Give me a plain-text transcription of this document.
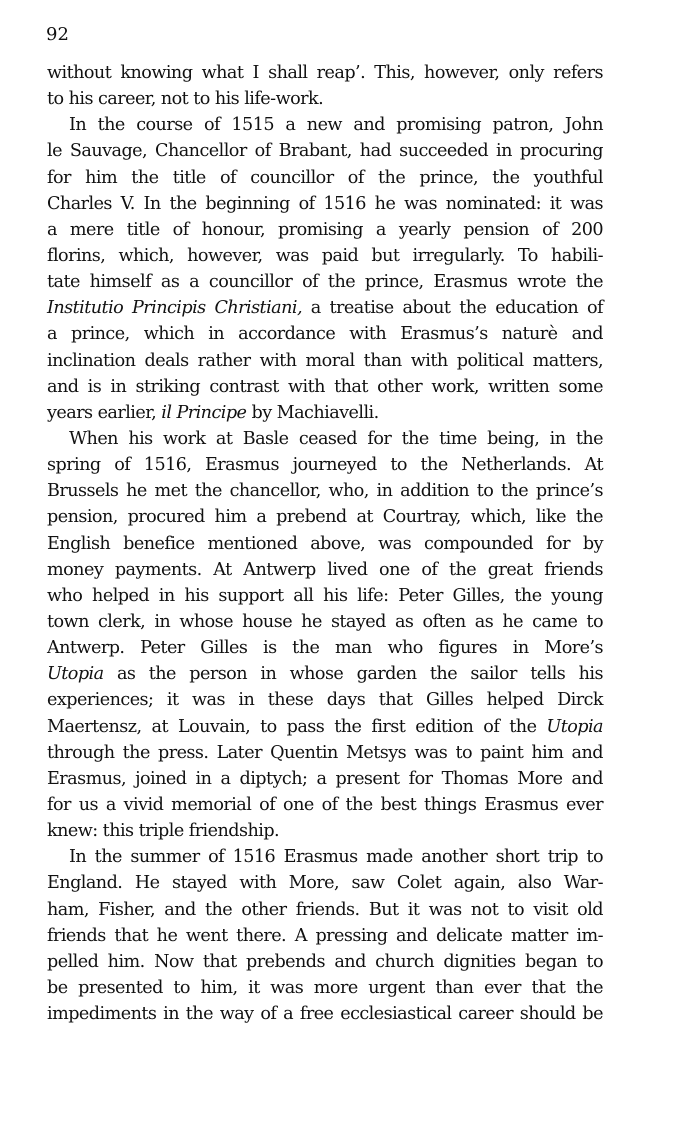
92
without knowing what I shall reap’. This, however, only refers
to his career, not to his life-work.
In the course of 1515 a new and promising patron, John
le Sauvage, Chancellor of Brabant, had succeeded in procuring
for him the title of councillor of the prince, the youthful
Charles V. In the beginning of 1516 he was nominated: it was
a mere title of honour, promising a yearly pension of 200
florins, which, however, was paid but irregularly. To habili-
tate himself as a councillor of the prince, Erasmus wrote the
Institutio Principis Christiani, a treatise about the education of
a prince, which in accordance with Erasmus’s naturè and
inclination deals rather with moral than with political matters,
and is in striking contrast with that other work, written some
years earlier, il Principe by Machiavelli.
When his work at Basle ceased for the time being, in the
spring of 1516, Erasmus journeyed to the Netherlands. At
Brussels he met the chancellor, who, in addition to the prince’s
pension, procured him a prebend at Courtray, which, like the
English benefice mentioned above, was compounded for by
money payments. At Antwerp lived one of the great friends
who helped in his support all his life: Peter Gilles, the young
town clerk, in whose house he stayed as often as he came to
Antwerp. Peter Gilles is the man who figures in More’s
Utopia as the person in whose garden the sailor tells his
experiences; it was in these days that Gilles helped Dirck
Maertensz, at Louvain, to pass the first edition of the Utopia
through the press. Later Quentin Metsys was to paint him and
Erasmus, joined in a diptych; a present for Thomas More and
for us a vivid memorial of one of the best things Erasmus ever
knew: this triple friendship.
In the summer of 1516 Erasmus made another short trip to
England. He stayed with More, saw Colet again, also War-
ham, Fisher, and the other friends. But it was not to visit old
friends that he went there. A pressing and delicate matter im-
pelled him. Now that prebends and church dignities began to
be presented to him, it was more urgent than ever that the
impediments in the way of a free ecclesiastical career should be
